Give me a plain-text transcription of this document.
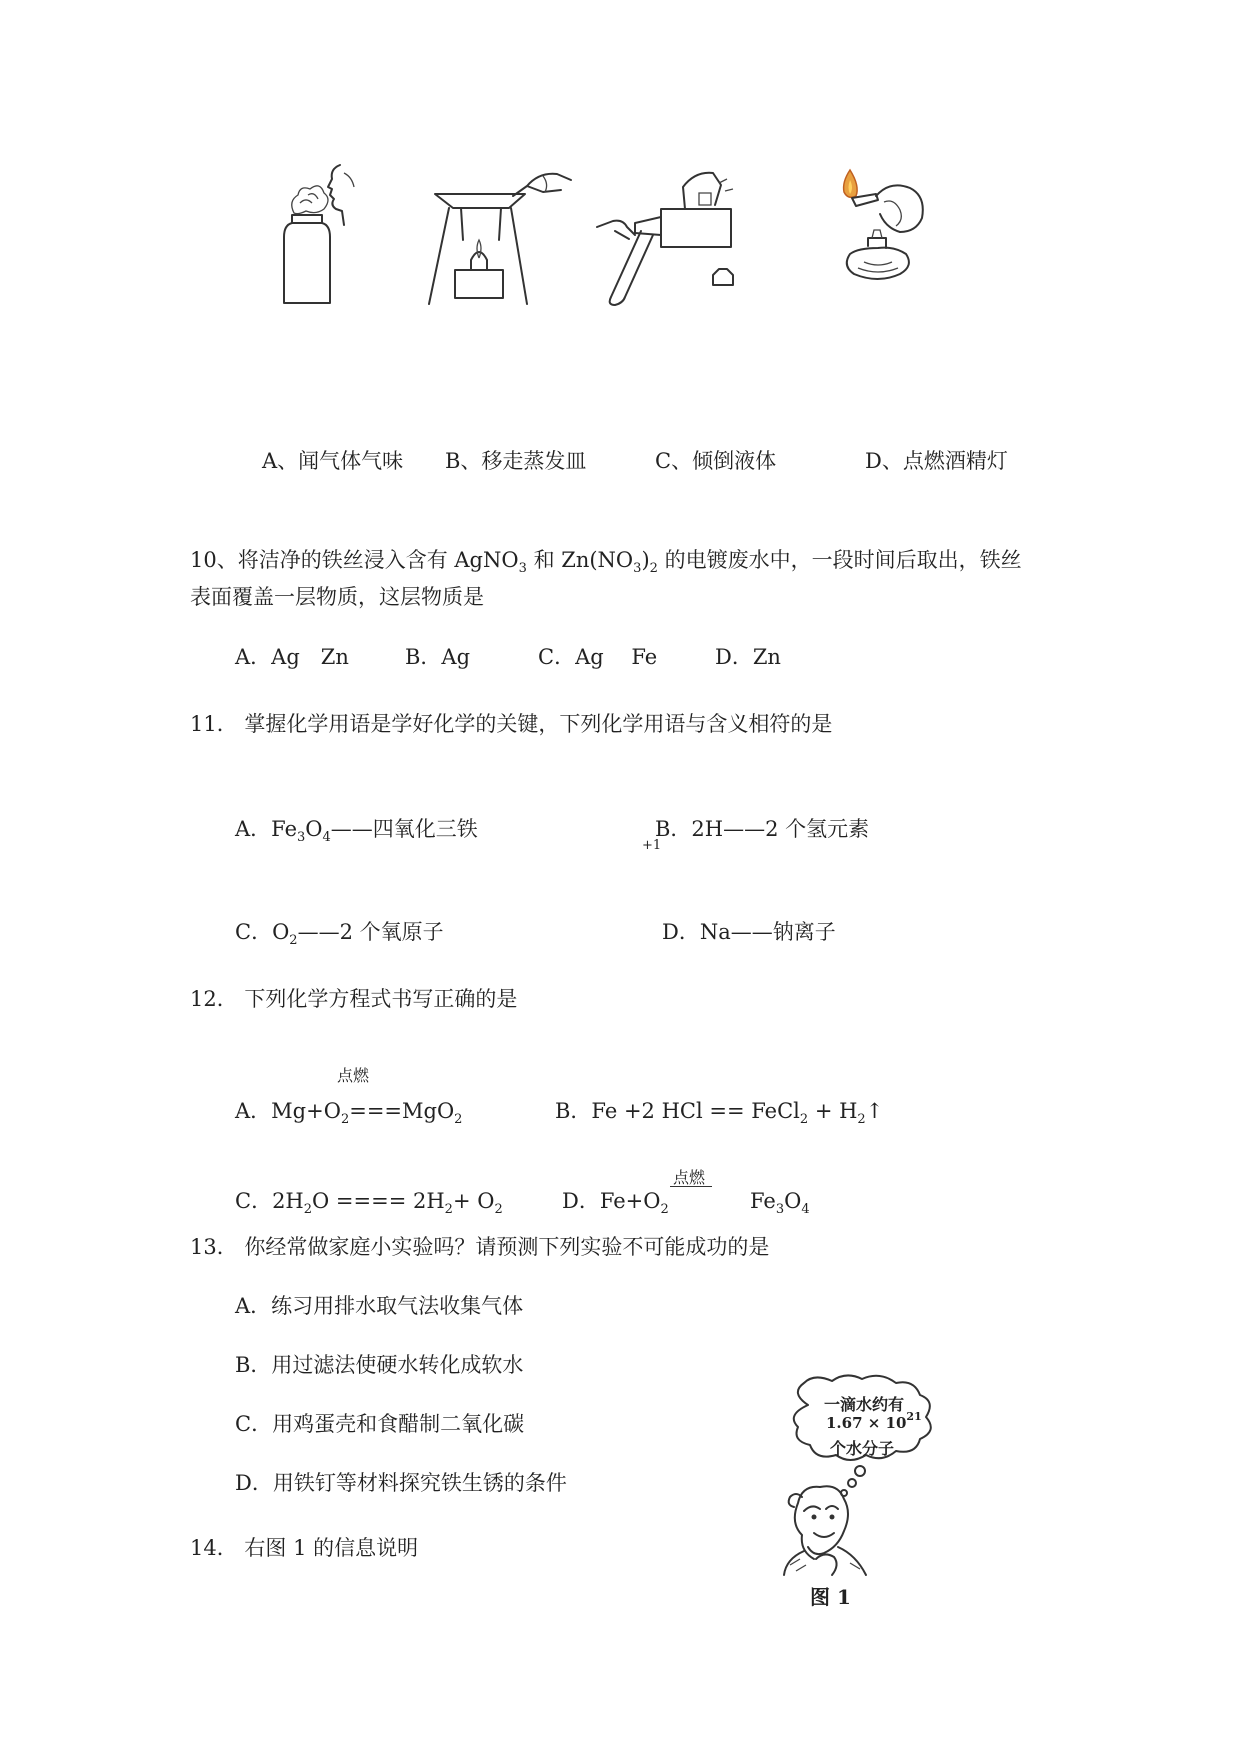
A、闻气体气味 B、移走蒸发皿	C、倾倒液体	D、点燃酒精灯
10、将洁净的铁丝浸入含有 AgNO$_3$ 和 $Zn(NO_3)_2$ 的电镀废水中，一段时间后取出，铁丝
表面覆盖一层物质，这层物质是
A．Ag　Zn	B．Ag	C．Ag　 Fe	D．Zn
11． 掌握化学用语是学好化学的关键，下列化学用语与含义相符的是
A．$Fe_3O_4——$四氧化三铁
+1
B．2H——2 个氢元素
C．$O_2——2$ 个氧原子	D．Na——钠离子
12． 下列化学方程式书写正确的是
点燃
A．$Mg+O_2===MgO_2$	B．Fe +2 HCl == FeCl$_2$ + $H_2↑$
C．$2H_2O$ ==== $2H_2+ O_2$	D．$Fe+O_2$
点燃
$Fe_3O_4$
13． 你经常做家庭小实验吗？请预测下列实验不可能成功的是
A．练习用排水取气法收集气体
B．用过滤法使硬水转化成软水
C．用鸡蛋壳和食醋制二氧化碳
D．用铁钉等材料探究铁生锈的条件
14． 右图 1 的信息说明
一滴水约有
$1.67 \times 10^{21}$
个水分子
图 1
